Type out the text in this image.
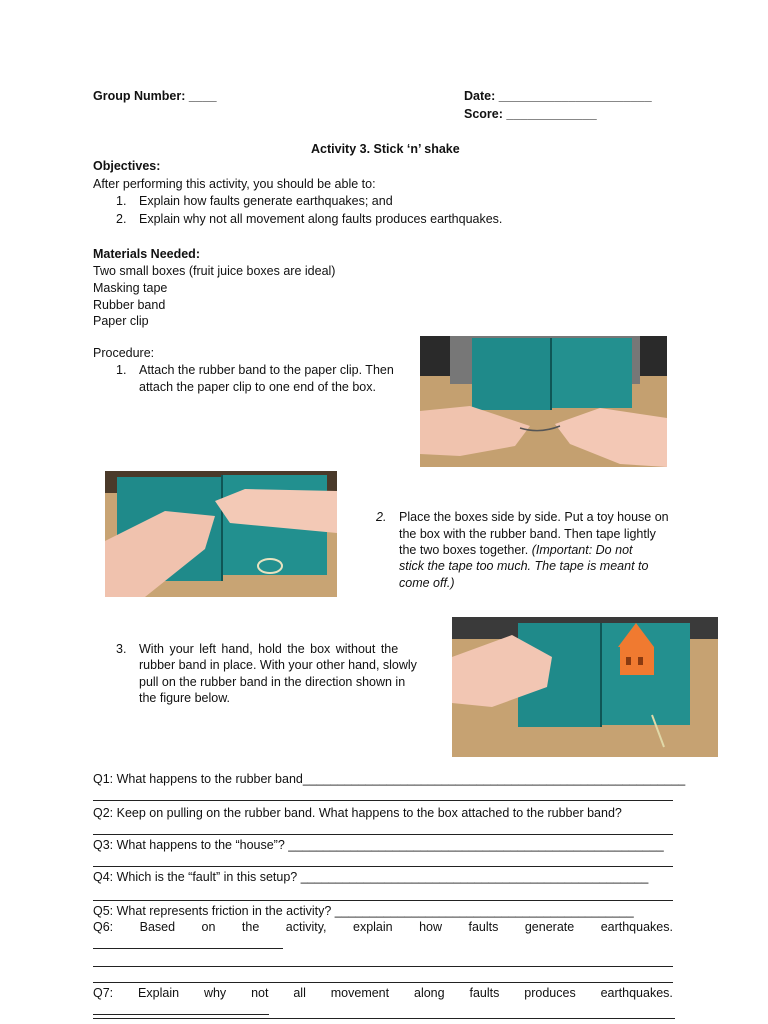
Group Number: ____	Date: ______________________
Score: _____________
Activity 3. Stick ‘n’ shake
Objectives:
After performing this activity, you should be able to:
1. Explain how faults generate earthquakes; and
2. Explain why not all movement along faults produces earthquakes.
Materials Needed:
Two small boxes (fruit juice boxes are ideal)
Masking tape
Rubber band
Paper clip
Procedure:
1. Attach the rubber band to the paper clip. Then
attach the paper clip to one end of the box.
2. Place the boxes side by side. Put a toy house on
the box with the rubber band. Then tape lightly
the two boxes together. (Important: Do not
stick the tape too much. The tape is meant to
come off.)
3. With your left hand, hold the box without the
rubber band in place. With your other hand, slowly
pull on the rubber band in the direction shown in
the figure below.
Q1: What happens to the rubber band_______________________________________________________
Q2: Keep on pulling on the rubber band. What happens to the box attached to the rubber band?
Q3: What happens to the “house”? ______________________________________________________
Q4: Which is the “fault” in this setup? __________________________________________________
Q5: What represents friction in the activity? ___________________________________________
Q6: Based on the activity, explain how faults generate earthquakes.
Q7: Explain why not all movement along faults produces earthquakes.
